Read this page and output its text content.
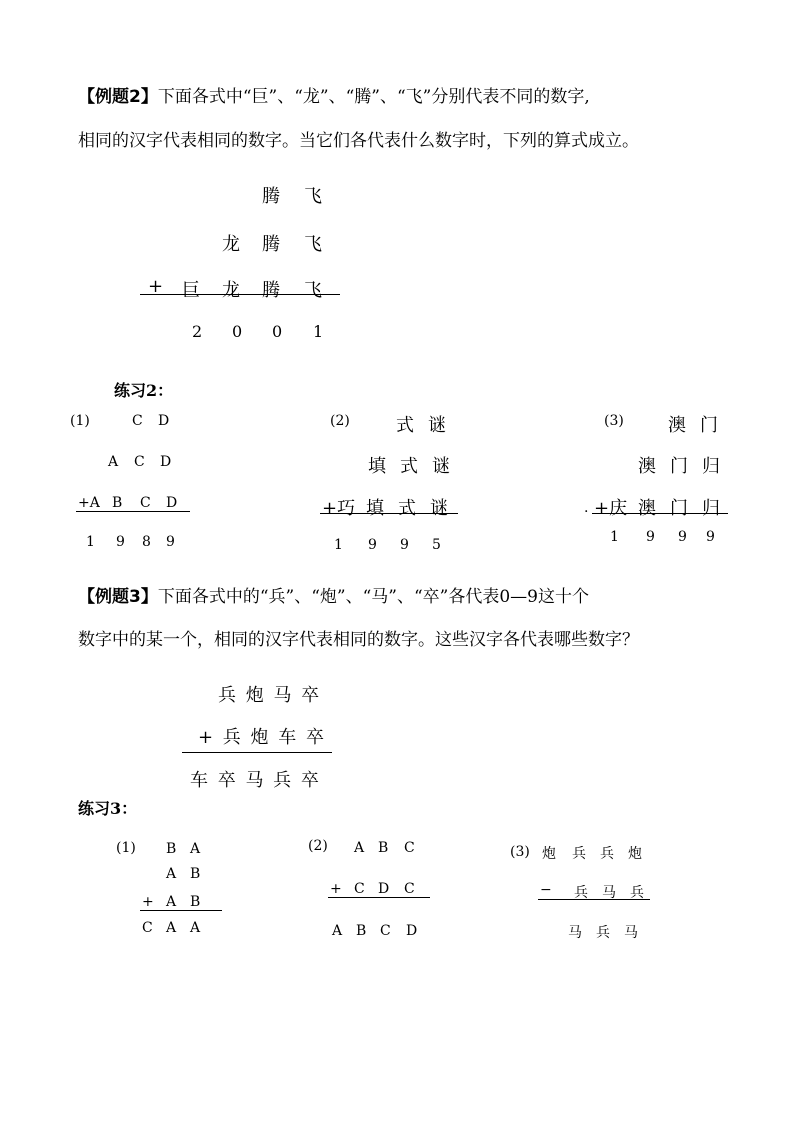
【例题2】下面各式中“巨”、“龙”、“腾”、“飞”分别代表不同的数字,
相同的汉字代表相同的数字。当它们各代表什么数字时，下列的算式成立。
腾 飞
龙 腾 飞
+ 巨 龙 腾 飞
2 0 0 1
练习2：
(1)	C D
A C D
+A B C D
1 9 8 9
(2)	式 谜
填 式 谜
+巧 填 式 谜
1 9 9 5
(3) 澳 门
澳 门 归
. +庆 澳 门 归
1 9 9 9
【例题3】下面各式中的“兵”、“炮”、“马”、“卒”各代表0—9这十个
数字中的某一个，相同的汉字代表相同的数字。这些汉字各代表哪些数字？
兵 炮 马 卒
+ 兵 炮 车 卒
车 卒 马 兵 卒
练习3：
(1) B A
A B
+ A B
C A A
(2) A B C
+ C D C
A B C D
(3) 炮 兵 兵 炮
− 兵 马 兵
马 兵 马
